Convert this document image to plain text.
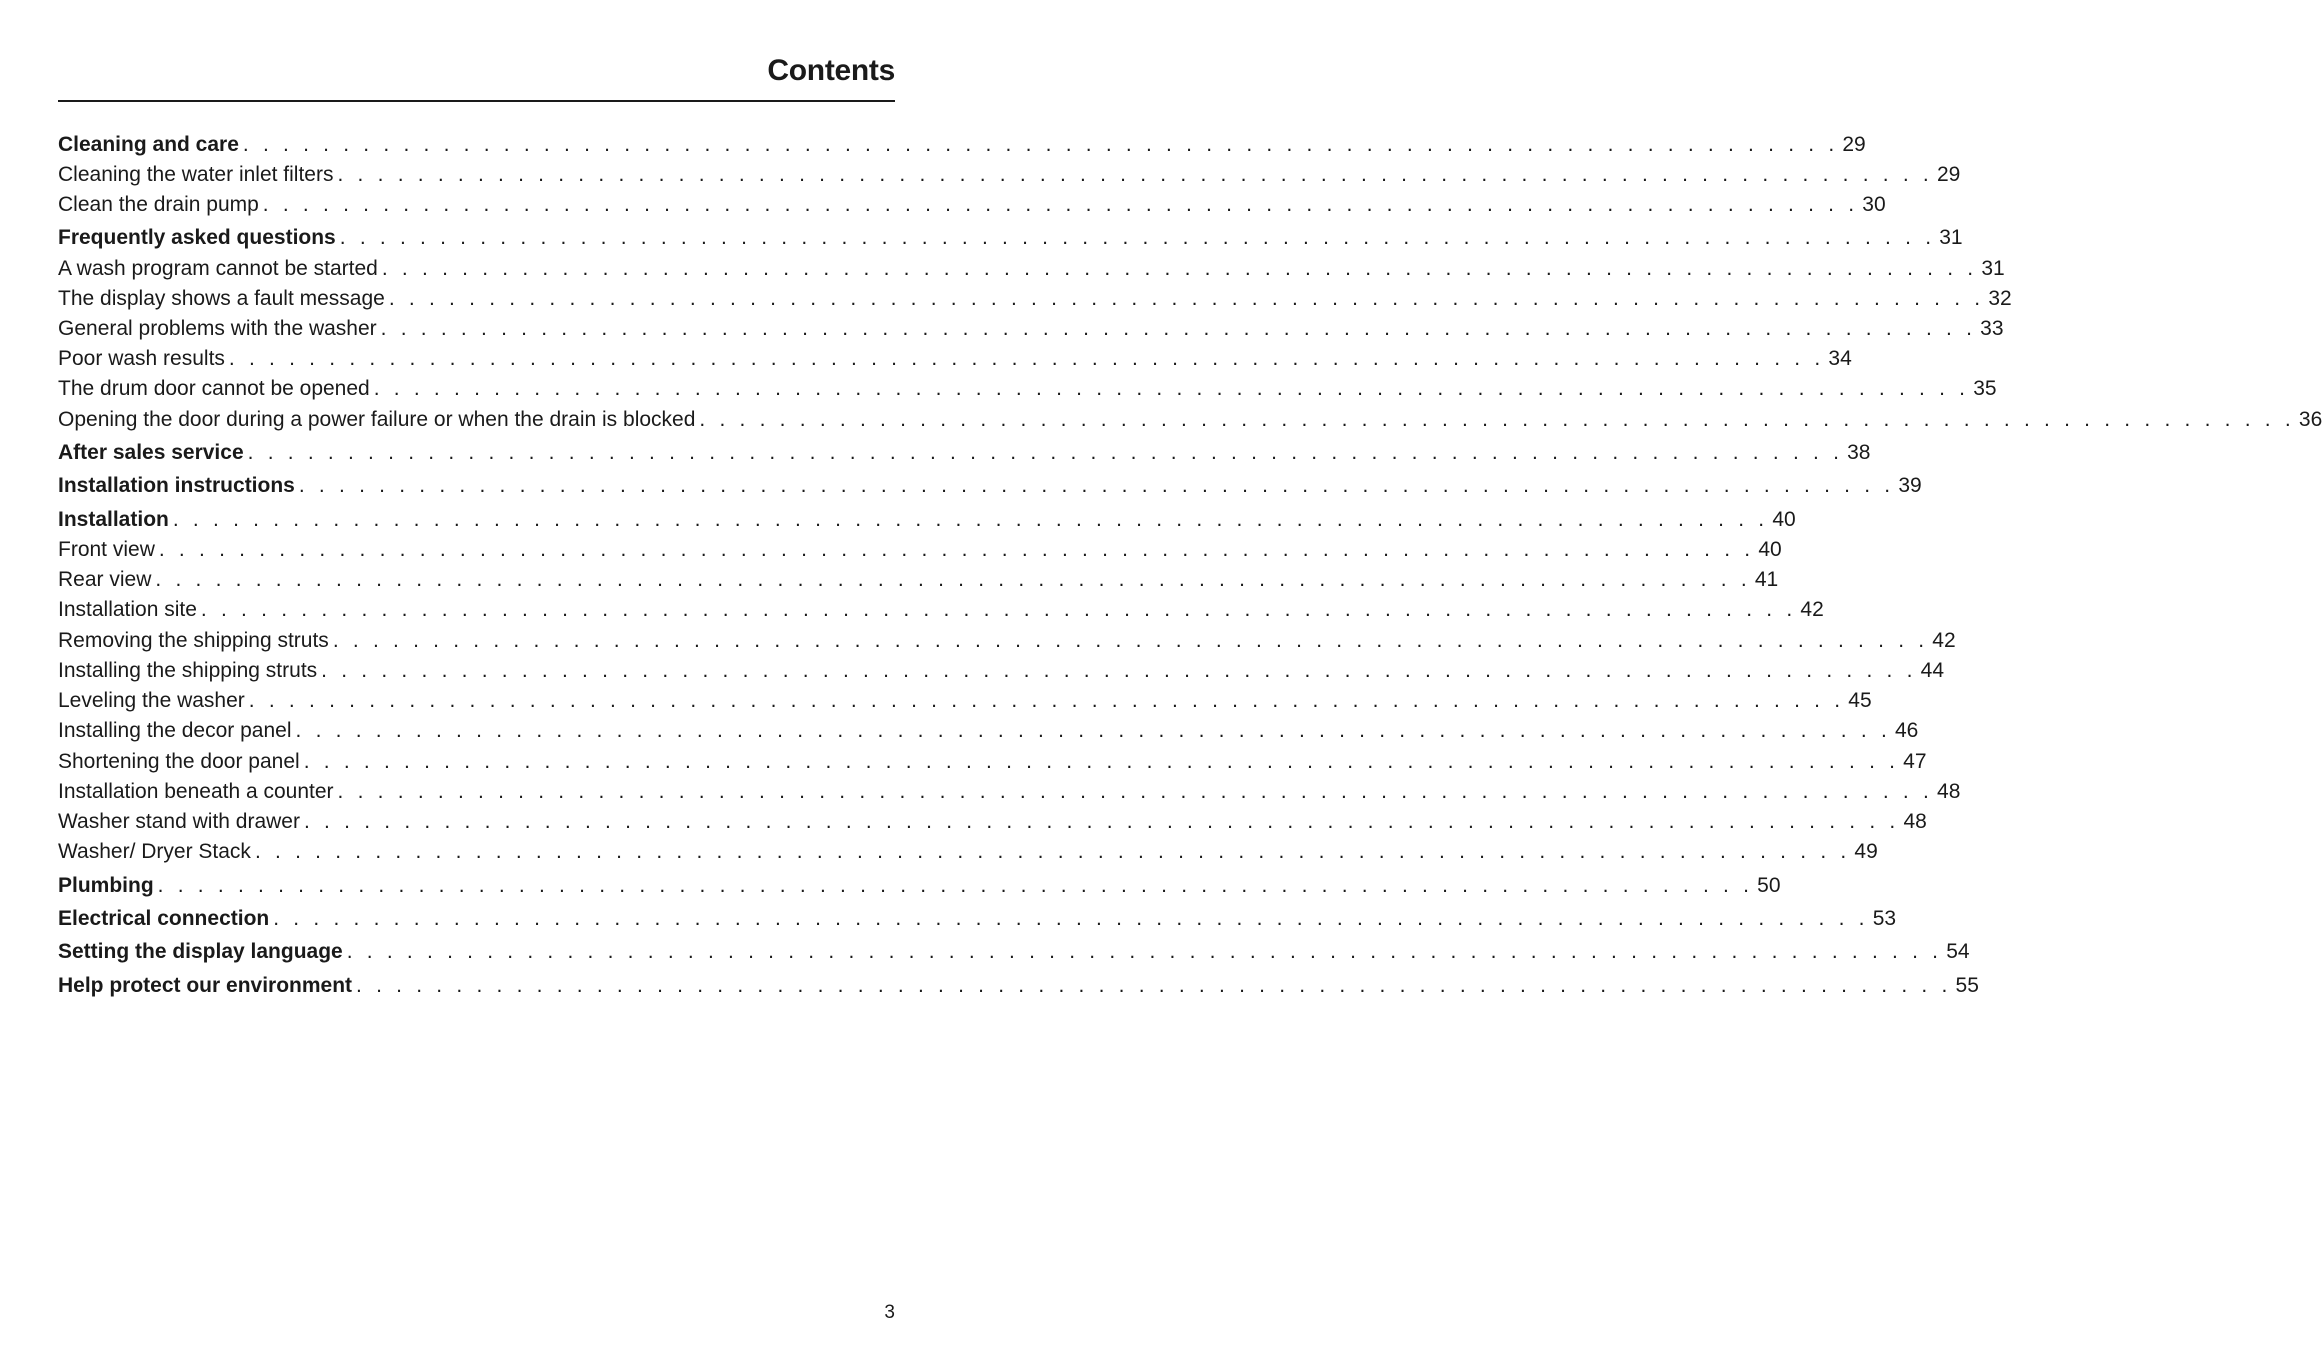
Contents
Cleaning and care . . . . . . . . . . . . . . . . . . . . . . . . . . . . . . . . . . . . . . . . . . . . . . . . . . . . . . . . . . . . . . . . . . . . . . . . . . . . . . . . 29
Cleaning the water inlet filters . . . . . . . . . . . . . . . . . . . . . . . . . . . . . . . . . . . . . . . . . . . . . . . . . . . . . . . . . . . . . . . . . . . . . . . . . . . . . . . . 29
Clean the drain pump . . . . . . . . . . . . . . . . . . . . . . . . . . . . . . . . . . . . . . . . . . . . . . . . . . . . . . . . . . . . . . . . . . . . . . . . . . . . . . . . 30
Frequently asked questions . . . . . . . . . . . . . . . . . . . . . . . . . . . . . . . . . . . . . . . . . . . . . . . . . . . . . . . . . . . . . . . . . . . . . . . . . . . . . . . . 31
A wash program cannot be started . . . . . . . . . . . . . . . . . . . . . . . . . . . . . . . . . . . . . . . . . . . . . . . . . . . . . . . . . . . . . . . . . . . . . . . . . . . . . . . . 31
The display shows a fault message . . . . . . . . . . . . . . . . . . . . . . . . . . . . . . . . . . . . . . . . . . . . . . . . . . . . . . . . . . . . . . . . . . . . . . . . . . . . . . . . 32
General problems with the washer . . . . . . . . . . . . . . . . . . . . . . . . . . . . . . . . . . . . . . . . . . . . . . . . . . . . . . . . . . . . . . . . . . . . . . . . . . . . . . . . 33
Poor wash results . . . . . . . . . . . . . . . . . . . . . . . . . . . . . . . . . . . . . . . . . . . . . . . . . . . . . . . . . . . . . . . . . . . . . . . . . . . . . . . . 34
The drum door cannot be opened . . . . . . . . . . . . . . . . . . . . . . . . . . . . . . . . . . . . . . . . . . . . . . . . . . . . . . . . . . . . . . . . . . . . . . . . . . . . . . . . 35
Opening the door during a power failure or when the drain is blocked . . . . . . . . . . . . . . . . . . . . . . . . . . . . . . . . . . . . . . . . . . . . . . . . . . . . . . . . . . . . . . . . . . . . . . . . . . . . . . . . 36
After sales service . . . . . . . . . . . . . . . . . . . . . . . . . . . . . . . . . . . . . . . . . . . . . . . . . . . . . . . . . . . . . . . . . . . . . . . . . . . . . . . . 38
Installation instructions . . . . . . . . . . . . . . . . . . . . . . . . . . . . . . . . . . . . . . . . . . . . . . . . . . . . . . . . . . . . . . . . . . . . . . . . . . . . . . . . 39
Installation . . . . . . . . . . . . . . . . . . . . . . . . . . . . . . . . . . . . . . . . . . . . . . . . . . . . . . . . . . . . . . . . . . . . . . . . . . . . . . . . 40
Front view . . . . . . . . . . . . . . . . . . . . . . . . . . . . . . . . . . . . . . . . . . . . . . . . . . . . . . . . . . . . . . . . . . . . . . . . . . . . . . . . 40
Rear view . . . . . . . . . . . . . . . . . . . . . . . . . . . . . . . . . . . . . . . . . . . . . . . . . . . . . . . . . . . . . . . . . . . . . . . . . . . . . . . . 41
Installation site . . . . . . . . . . . . . . . . . . . . . . . . . . . . . . . . . . . . . . . . . . . . . . . . . . . . . . . . . . . . . . . . . . . . . . . . . . . . . . . . 42
Removing the shipping struts . . . . . . . . . . . . . . . . . . . . . . . . . . . . . . . . . . . . . . . . . . . . . . . . . . . . . . . . . . . . . . . . . . . . . . . . . . . . . . . . 42
Installing the shipping struts . . . . . . . . . . . . . . . . . . . . . . . . . . . . . . . . . . . . . . . . . . . . . . . . . . . . . . . . . . . . . . . . . . . . . . . . . . . . . . . . 44
Leveling the washer . . . . . . . . . . . . . . . . . . . . . . . . . . . . . . . . . . . . . . . . . . . . . . . . . . . . . . . . . . . . . . . . . . . . . . . . . . . . . . . . 45
Installing the decor panel . . . . . . . . . . . . . . . . . . . . . . . . . . . . . . . . . . . . . . . . . . . . . . . . . . . . . . . . . . . . . . . . . . . . . . . . . . . . . . . . 46
Shortening the door panel . . . . . . . . . . . . . . . . . . . . . . . . . . . . . . . . . . . . . . . . . . . . . . . . . . . . . . . . . . . . . . . . . . . . . . . . . . . . . . . . 47
Installation beneath a counter . . . . . . . . . . . . . . . . . . . . . . . . . . . . . . . . . . . . . . . . . . . . . . . . . . . . . . . . . . . . . . . . . . . . . . . . . . . . . . . . 48
Washer stand with drawer . . . . . . . . . . . . . . . . . . . . . . . . . . . . . . . . . . . . . . . . . . . . . . . . . . . . . . . . . . . . . . . . . . . . . . . . . . . . . . . . 48
Washer/ Dryer Stack . . . . . . . . . . . . . . . . . . . . . . . . . . . . . . . . . . . . . . . . . . . . . . . . . . . . . . . . . . . . . . . . . . . . . . . . . . . . . . . . 49
Plumbing . . . . . . . . . . . . . . . . . . . . . . . . . . . . . . . . . . . . . . . . . . . . . . . . . . . . . . . . . . . . . . . . . . . . . . . . . . . . . . . . 50
Electrical connection . . . . . . . . . . . . . . . . . . . . . . . . . . . . . . . . . . . . . . . . . . . . . . . . . . . . . . . . . . . . . . . . . . . . . . . . . . . . . . . . 53
Setting the display language . . . . . . . . . . . . . . . . . . . . . . . . . . . . . . . . . . . . . . . . . . . . . . . . . . . . . . . . . . . . . . . . . . . . . . . . . . . . . . . . 54
Help protect our environment . . . . . . . . . . . . . . . . . . . . . . . . . . . . . . . . . . . . . . . . . . . . . . . . . . . . . . . . . . . . . . . . . . . . . . . . . . . . . . . . 55
3
